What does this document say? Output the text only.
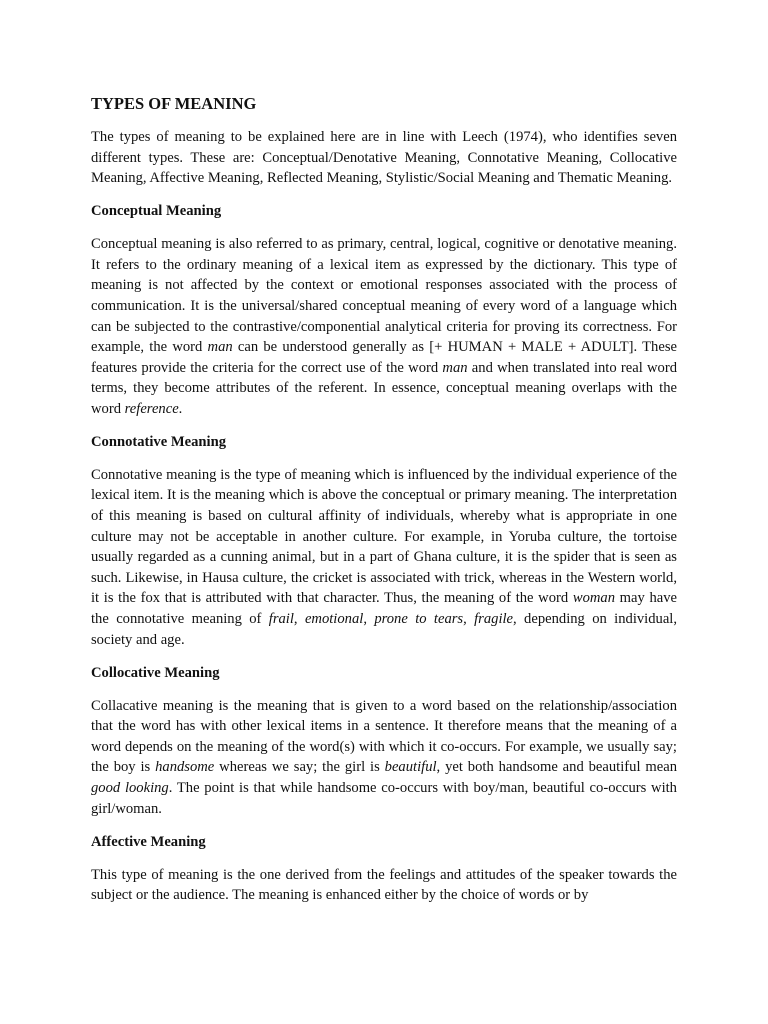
TYPES OF MEANING

The types of meaning to be explained here are in line with Leech (1974), who identifies seven different types. These are: Conceptual/Denotative Meaning, Connotative Meaning, Collocative Meaning, Affective Meaning, Reflected Meaning, Stylistic/Social Meaning and Thematic Meaning.

Conceptual Meaning

Conceptual meaning is also referred to as primary, central, logical, cognitive or denotative meaning. It refers to the ordinary meaning of a lexical item as expressed by the dictionary. This type of meaning is not affected by the context or emotional responses associated with the process of communication. It is the universal/shared conceptual meaning of every word of a language which can be subjected to the contrastive/componential analytical criteria for proving its correctness. For example, the word man can be understood generally as [+ HUMAN + MALE + ADULT]. These features provide the criteria for the correct use of the word man and when translated into real word terms, they become attributes of the referent. In essence, conceptual meaning overlaps with the word reference.

Connotative Meaning

Connotative meaning is the type of meaning which is influenced by the individual experience of the lexical item. It is the meaning which is above the conceptual or primary meaning. The interpretation of this meaning is based on cultural affinity of individuals, whereby what is appropriate in one culture may not be acceptable in another culture. For example, in Yoruba culture, the tortoise usually regarded as a cunning animal, but in a part of Ghana culture, it is the spider that is seen as such. Likewise, in Hausa culture, the cricket is associated with trick, whereas in the Western world, it is the fox that is attributed with that character. Thus, the meaning of the word woman may have the connotative meaning of frail, emotional, prone to tears, fragile, depending on individual, society and age.

Collocative Meaning

Collacative meaning is the meaning that is given to a word based on the relationship/association that the word has with other lexical items in a sentence. It therefore means that the meaning of a word depends on the meaning of the word(s) with which it co-occurs. For example, we usually say; the boy is handsome whereas we say; the girl is beautiful, yet both handsome and beautiful mean good looking. The point is that while handsome co-occurs with boy/man, beautiful co-occurs with girl/woman.

Affective Meaning

This type of meaning is the one derived from the feelings and attitudes of the speaker towards the subject or the audience. The meaning is enhanced either by the choice of words or by
